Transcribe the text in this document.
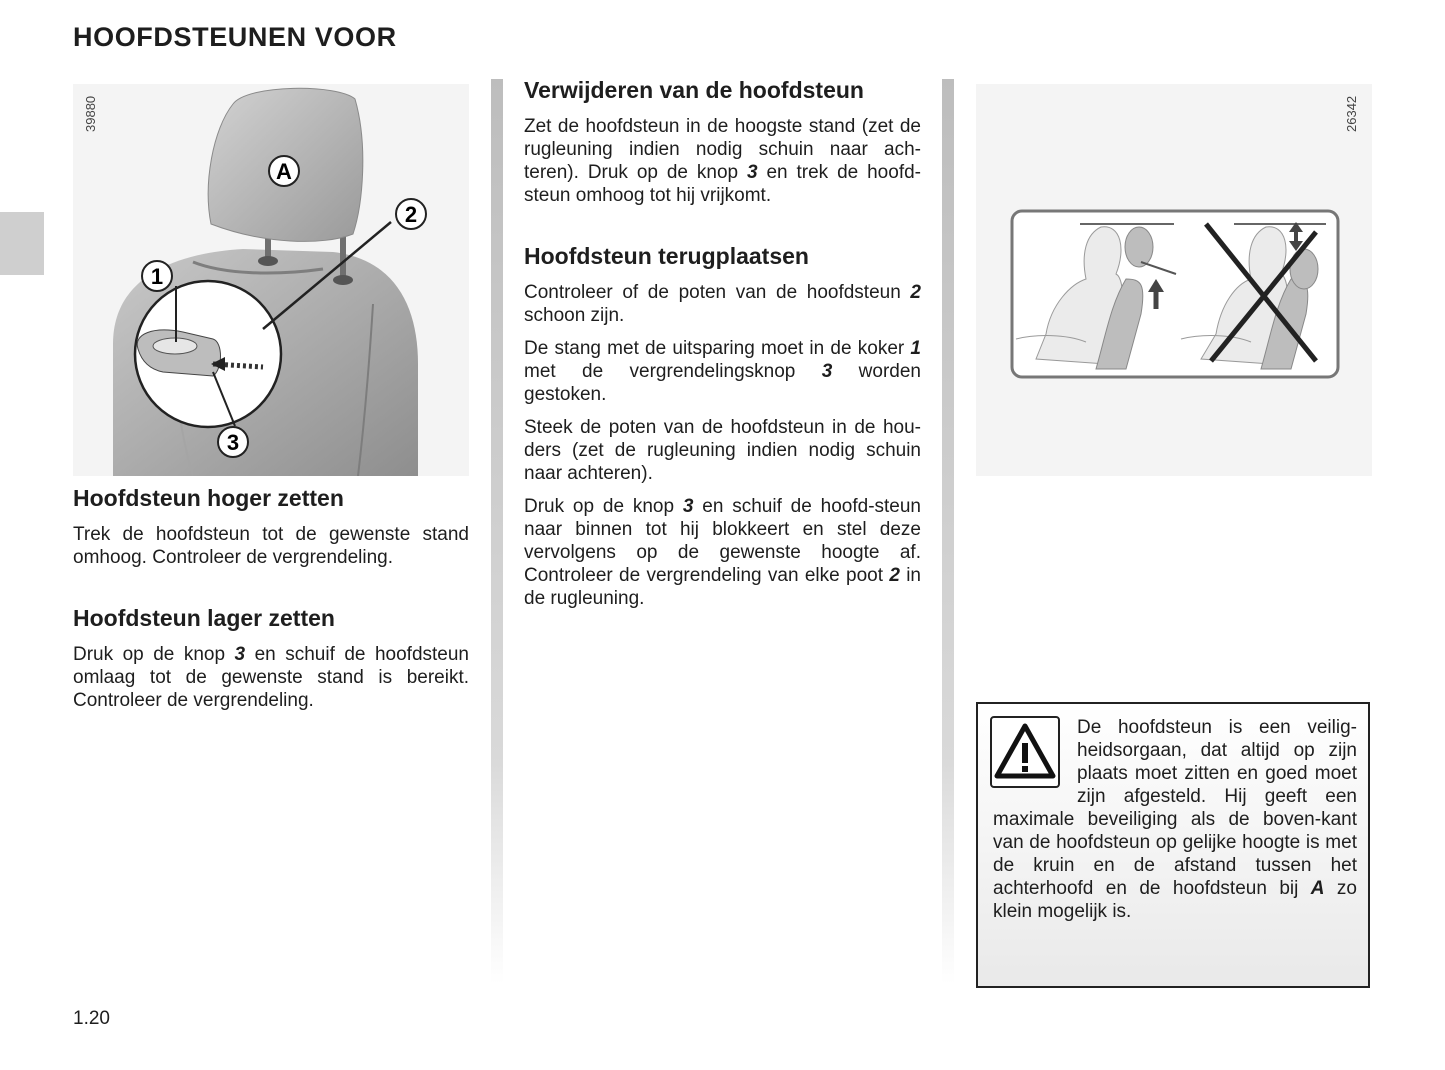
HOOFDSTEUNEN VOOR
A
2
1
3
39880
Hoofdsteun hoger zetten

Trek de hoofdsteun tot de gewenste stand omhoog. Controleer de vergrendeling.

Hoofdsteun lager zetten

Druk op de knop 3 en schuif de hoofdsteun omlaag tot de gewenste stand is bereikt. Controleer de vergrendeling.

Verwijderen van de hoofdsteun

Zet de hoofdsteun in de hoogste stand (zet de rugleuning indien nodig schuin naar ach-teren). Druk op de knop 3 en trek de hoofd-steun omhoog tot hij vrijkomt.

Hoofdsteun terugplaatsen

Controleer of de poten van de hoofdsteun 2 schoon zijn.

De stang met de uitsparing moet in de koker 1 met de vergrendelingsknop 3 worden gestoken.

Steek de poten van de hoofdsteun in de hou-ders (zet de rugleuning indien nodig schuin naar achteren).

Druk op de knop 3 en schuif de hoofd-steun naar binnen tot hij blokkeert en stel deze vervolgens op de gewenste hoogte af. Controleer de vergrendeling van elke poot 2 in de rugleuning.

26342
De hoofdsteun is een veilig-heidsorgaan, dat altijd op zijn plaats moet zitten en goed moet zijn afgesteld. Hij geeft een maximale beveiliging als de boven-kant van de hoofdsteun op gelijke hoogte is met de kruin en de afstand tussen het achterhoofd en de hoofdsteun bij A zo klein mogelijk is.
1.20
